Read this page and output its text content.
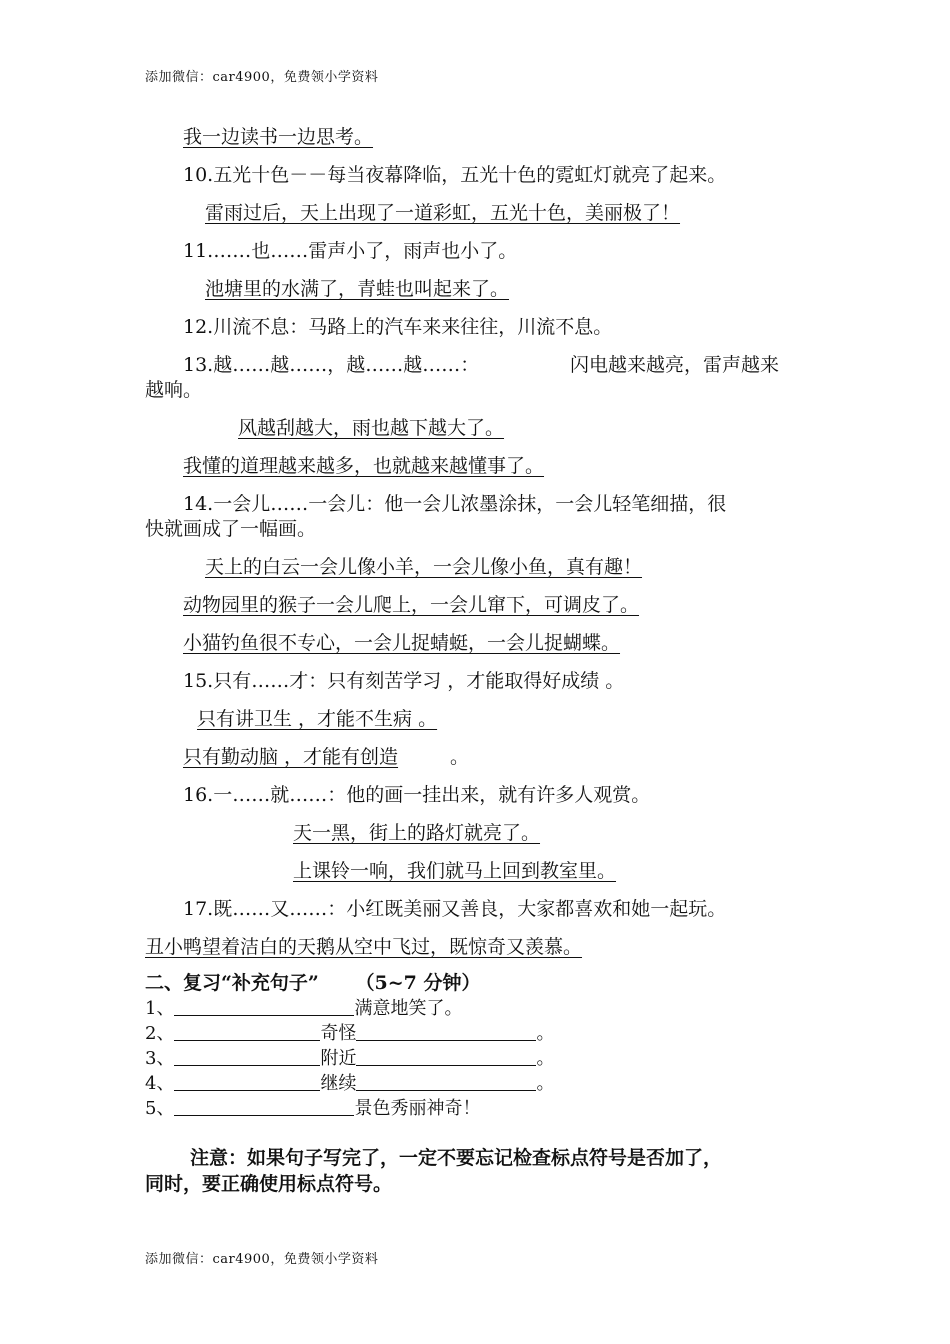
添加微信：car4900，免费领小学资料
我一边读书一边思考。
10.五光十色－－每当夜幕降临，五光十色的霓虹灯就亮了起来。
雷雨过后，天上出现了一道彩虹，五光十色，美丽极了！
11.……也……雷声小了，雨声也小了。
池塘里的水满了，青蛙也叫起来了。
12.川流不息：马路上的汽车来来往往，川流不息。
13.越……越……，越……越……：	闪电越来越亮，雷声越来
越响。
风越刮越大，雨也越下越大了。
我懂的道理越来越多，也就越来越懂事了。
14.一会儿……一会儿：他一会儿浓墨涂抹，一会儿轻笔细描，很
快就画成了一幅画。
天上的白云一会儿像小羊，一会儿像小鱼，真有趣！
动物园里的猴子一会儿爬上，一会儿窜下，可调皮了。
小猫钓鱼很不专心，一会儿捉蜻蜓，一会儿捉蝴蝶。
15.只有……才：只有刻苦学习 ，才能取得好成绩 。
只有讲卫生 ，才能不生病 。
只有勤动脑 ，才能有创造	。
16.一……就……：他的画一挂出来，就有许多人观赏。
天一黑，街上的路灯就亮了。
上课铃一响，我们就马上回到教室里。
17.既……又……：小红既美丽又善良，大家都喜欢和她一起玩。
丑小鸭望着洁白的天鹅从空中飞过，既惊奇又羡慕。
二、复习“补充句子” （5~7 分钟）
1、	满意地笑了。
2、	奇怪	。
3、	附近	。
4、	继续	。
5、	景色秀丽神奇！
注意：如果句子写完了，一定不要忘记检查标点符号是否加了，
同时，要正确使用标点符号。
添加微信：car4900，免费领小学资料
